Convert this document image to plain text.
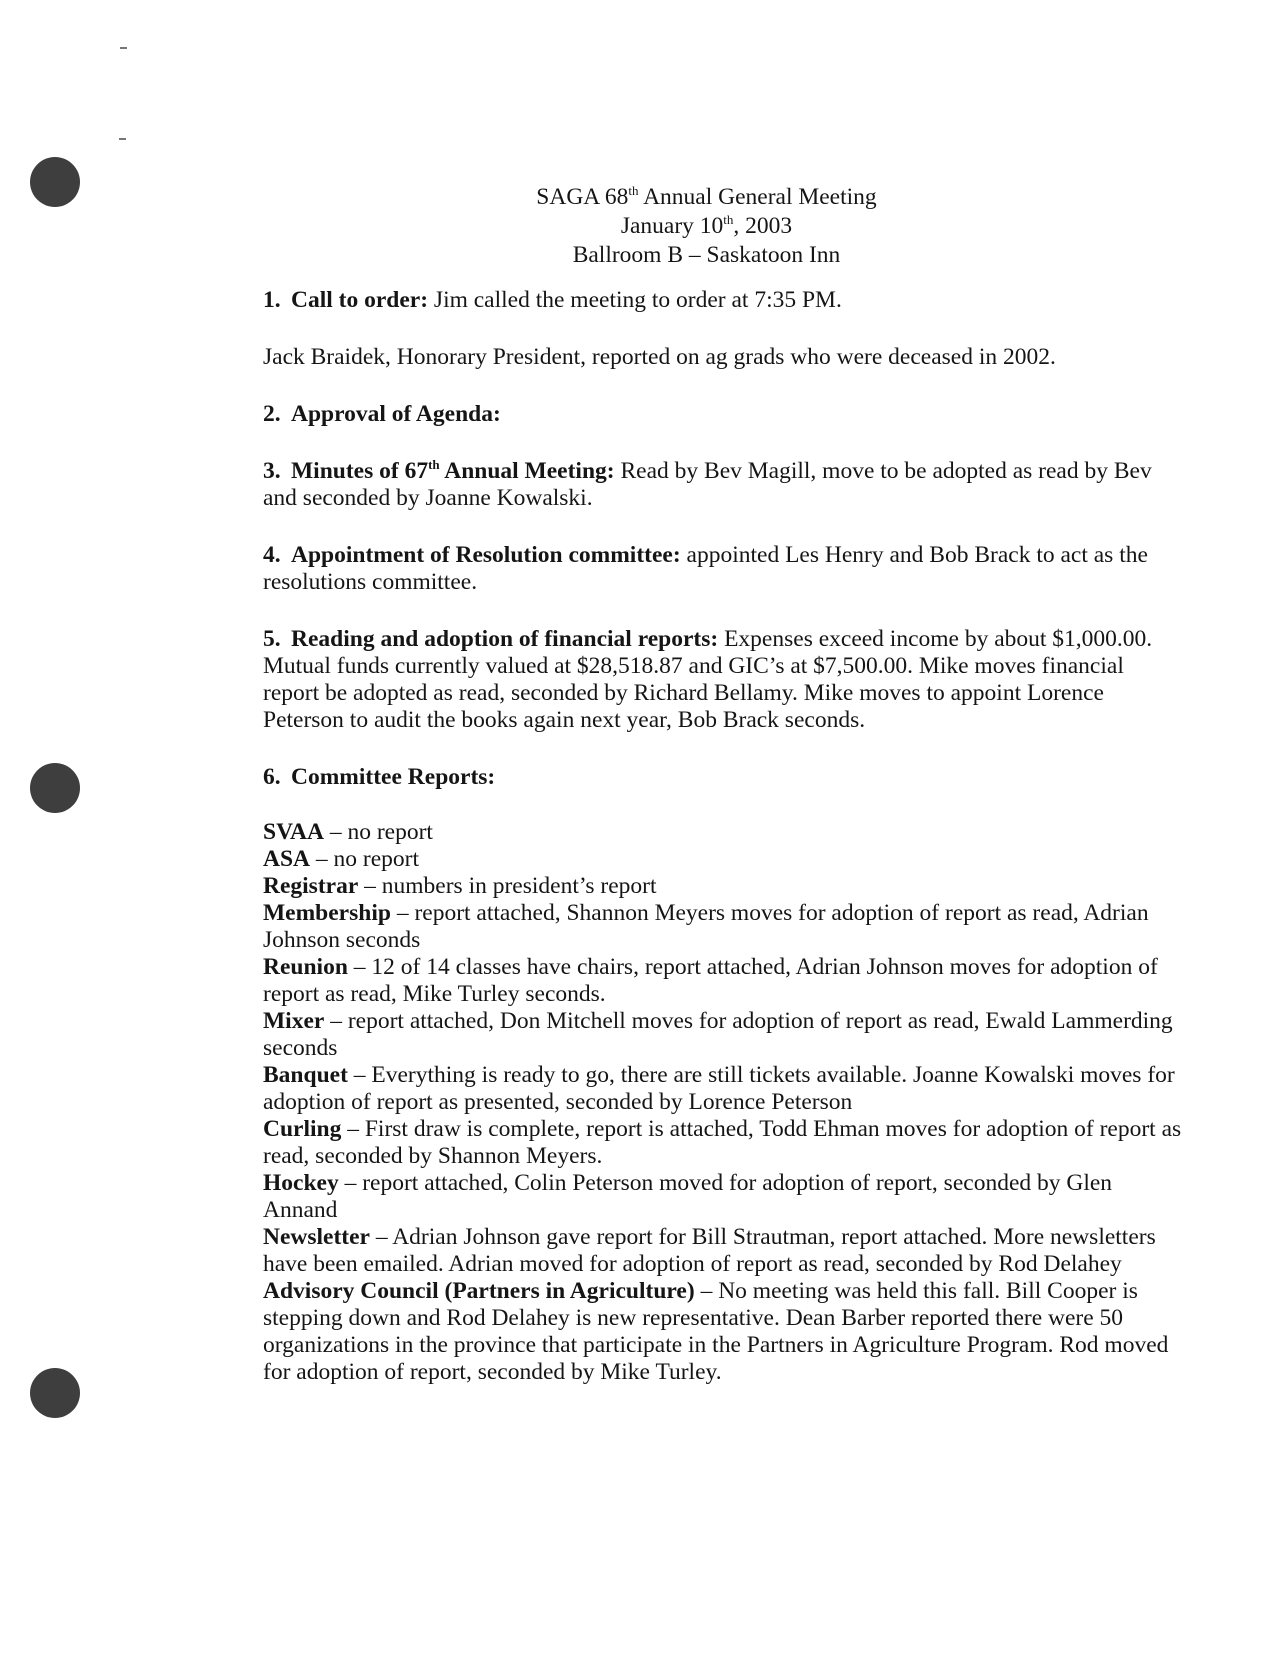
SAGA 68th Annual General Meeting
January 10th, 2003
Ballroom B – Saskatoon Inn
1. Call to order: Jim called the meeting to order at 7:35 PM.
Jack Braidek, Honorary President, reported on ag grads who were deceased in 2002.
2. Approval of Agenda:
3. Minutes of 67th Annual Meeting: Read by Bev Magill, move to be adopted as read by Bev and seconded by Joanne Kowalski.
4. Appointment of Resolution committee: appointed Les Henry and Bob Brack to act as the resolutions committee.
5. Reading and adoption of financial reports: Expenses exceed income by about $1,000.00. Mutual funds currently valued at $28,518.87 and GIC’s at $7,500.00. Mike moves financial report be adopted as read, seconded by Richard Bellamy. Mike moves to appoint Lorence Peterson to audit the books again next year, Bob Brack seconds.
6. Committee Reports:
SVAA – no report
ASA – no report
Registrar – numbers in president’s report
Membership – report attached, Shannon Meyers moves for adoption of report as read, Adrian Johnson seconds
Reunion – 12 of 14 classes have chairs, report attached, Adrian Johnson moves for adoption of report as read, Mike Turley seconds.
Mixer – report attached, Don Mitchell moves for adoption of report as read, Ewald Lammerding seconds
Banquet – Everything is ready to go, there are still tickets available. Joanne Kowalski moves for adoption of report as presented, seconded by Lorence Peterson
Curling – First draw is complete, report is attached, Todd Ehman moves for adoption of report as read, seconded by Shannon Meyers.
Hockey – report attached, Colin Peterson moved for adoption of report, seconded by Glen Annand
Newsletter – Adrian Johnson gave report for Bill Strautman, report attached. More newsletters have been emailed. Adrian moved for adoption of report as read, seconded by Rod Delahey
Advisory Council (Partners in Agriculture) – No meeting was held this fall. Bill Cooper is stepping down and Rod Delahey is new representative. Dean Barber reported there were 50 organizations in the province that participate in the Partners in Agriculture Program. Rod moved for adoption of report, seconded by Mike Turley.
